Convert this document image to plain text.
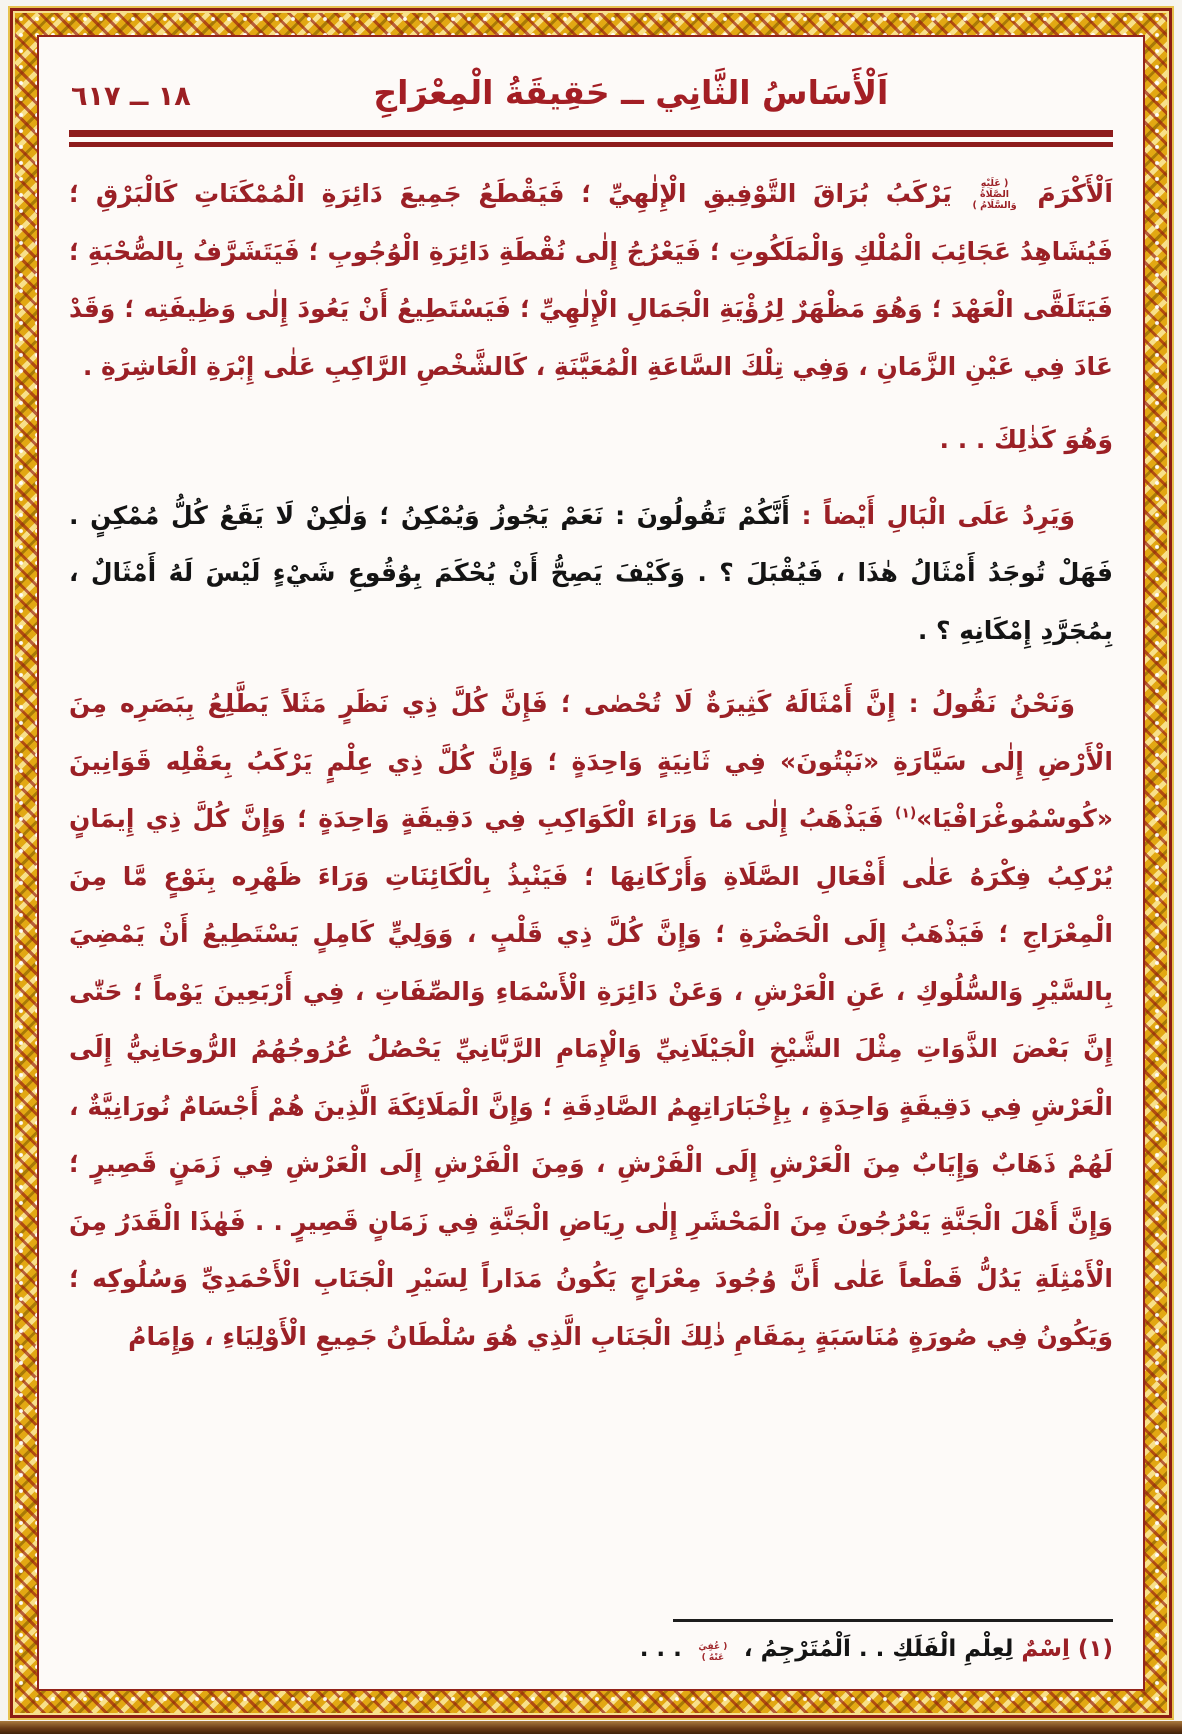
١٨ ــ ٦١٧	اَلْأَسَاسُ الثَّانِي ــ حَقِيقَةُ الْمِعْرَاجِ

اَلْأَكْرَمَ ( عَلَيْهِ الصَّلَاةُ وَالسَّلَامُ ) يَرْكَبُ بُرَاقَ التَّوْفِيقِ الْإِلٰهِيِّ ؛ فَيَقْطَعُ جَمِيعَ دَائِرَةِ الْمُمْكَنَاتِ كَالْبَرْقِ ؛ فَيُشَاهِدُ عَجَائِبَ الْمُلْكِ وَالْمَلَكُوتِ ؛ فَيَعْرُجُ إِلٰى نُقْطَةِ دَائِرَةِ الْوُجُوبِ ؛ فَيَتَشَرَّفُ بِالصُّحْبَةِ ؛ فَيَتَلَقَّى الْعَهْدَ ؛ وَهُوَ مَظْهَرٌ لِرُؤْيَةِ الْجَمَالِ الْإِلٰهِيِّ ؛ فَيَسْتَطِيعُ أَنْ يَعُودَ إِلٰى وَظِيفَتِه ؛ وَقَدْ عَادَ فِي عَيْنِ الزَّمَانِ ، وَفِي تِلْكَ السَّاعَةِ الْمُعَيَّنَةِ ، كَالشَّخْصِ الرَّاكِبِ عَلٰى إِبْرَةِ الْعَاشِرَةِ .

وَهُوَ كَذٰلِكَ . . .

وَيَرِدُ عَلَى الْبَالِ أَيْضاً : أَنَّكُمْ تَقُولُونَ : نَعَمْ يَجُوزُ وَيُمْكِنُ ؛ وَلٰكِنْ لَا يَقَعُ كُلُّ مُمْكِنٍ . فَهَلْ تُوجَدُ أَمْثَالُ هٰذَا ، فَيُقْبَلَ ؟ . وَكَيْفَ يَصِحُّ أَنْ يُحْكَمَ بِوُقُوعِ شَيْءٍ لَيْسَ لَهُ أَمْثَالٌ ، بِمُجَرَّدِ إِمْكَانِهِ ؟ .

وَنَحْنُ نَقُولُ : إِنَّ أَمْثَالَهُ كَثِيرَةٌ لَا تُحْصٰى ؛ فَإِنَّ كُلَّ ذِي نَظَرٍ مَثَلاً يَطَّلِعُ بِبَصَرِه مِنَ الْأَرْضِ إِلٰى سَيَّارَةِ «نَپْتُونَ» فِي ثَانِيَةٍ وَاحِدَةٍ ؛ وَإِنَّ كُلَّ ذِي عِلْمٍ يَرْكَبُ بِعَقْلِه قَوَانِينَ «كُوسْمُوغْرَافْيَا»$^{(١)}$ فَيَذْهَبُ إِلٰى مَا وَرَاءَ الْكَوَاكِبِ فِي دَقِيقَةٍ وَاحِدَةٍ ؛ وَإِنَّ كُلَّ ذِي إِيمَانٍ يُرْكِبُ فِكْرَهُ عَلٰى أَفْعَالِ الصَّلَاةِ وَأَرْكَانِهَا ؛ فَيَنْبِذُ بِالْكَائِنَاتِ وَرَاءَ ظَهْرِه بِنَوْعٍ مَّا مِنَ الْمِعْرَاجِ ؛ فَيَذْهَبُ إِلَى الْحَضْرَةِ ؛ وَإِنَّ كُلَّ ذِي قَلْبٍ ، وَوَلِيٍّ كَامِلٍ يَسْتَطِيعُ أَنْ يَمْضِيَ بِالسَّيْرِ وَالسُّلُوكِ ، عَنِ الْعَرْشِ ، وَعَنْ دَائِرَةِ الْأَسْمَاءِ وَالصِّفَاتِ ، فِي أَرْبَعِينَ يَوْماً ؛ حَتّٰى إِنَّ بَعْضَ الذَّوَاتِ مِثْلَ الشَّيْخِ الْجَيْلَانِيِّ وَالْإِمَامِ الرَّبَّانِيِّ يَحْصُلُ عُرُوجُهُمُ الرُّوحَانِيُّ إِلَى الْعَرْشِ فِي دَقِيقَةٍ وَاحِدَةٍ ، بِإِخْبَارَاتِهِمُ الصَّادِقَةِ ؛ وَإِنَّ الْمَلَائِكَةَ الَّذِينَ هُمْ أَجْسَامٌ نُورَانِيَّةٌ ، لَهُمْ ذَهَابٌ وَإِيَابٌ مِنَ الْعَرْشِ إِلَى الْفَرْشِ ، وَمِنَ الْفَرْشِ إِلَى الْعَرْشِ فِي زَمَنٍ قَصِيرٍ ؛ وَإِنَّ أَهْلَ الْجَنَّةِ يَعْرُجُونَ مِنَ الْمَحْشَرِ إِلٰى رِيَاضِ الْجَنَّةِ فِي زَمَانٍ قَصِيرٍ . . فَهٰذَا الْقَدَرُ مِنَ الْأَمْثِلَةِ يَدُلُّ قَطْعاً عَلٰى أَنَّ وُجُودَ مِعْرَاجٍ يَكُونُ مَدَاراً لِسَيْرِ الْجَنَابِ الْأَحْمَدِيِّ وَسُلُوكِه ؛ وَيَكُونُ فِي صُورَةٍ مُنَاسَبَةٍ بِمَقَامِ ذٰلِكَ الْجَنَابِ الَّذِي هُوَ سُلْطَانُ جَمِيعِ الْأَوْلِيَاءِ ، وَإِمَامُ

(١) اِسْمٌ لِعِلْمِ الْفَلَكِ . . اَلْمُتَرْجِمُ ، ( عُفِيَ عَنْهُ ) . . .
